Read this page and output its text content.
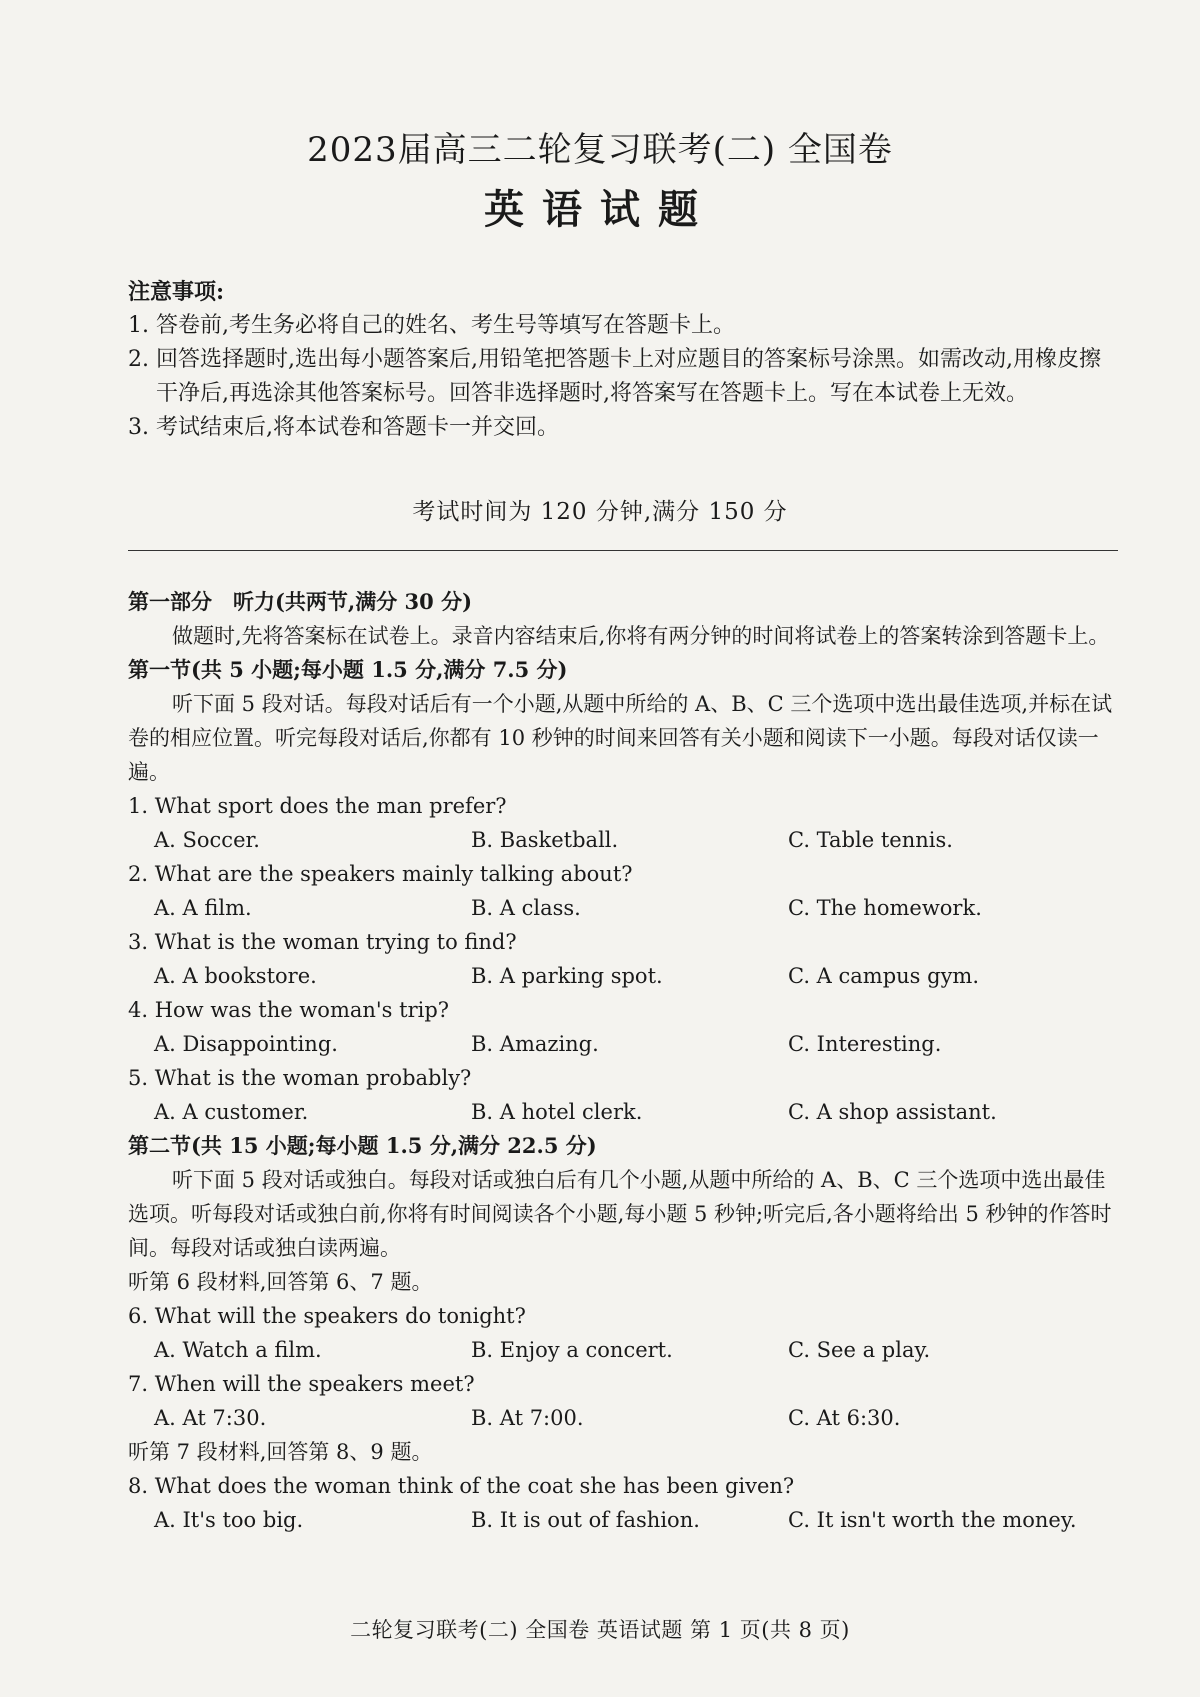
2023届高三二轮复习联考(二) 全国卷
英语试题
注意事项:
1. 答卷前,考生务必将自己的姓名、考生号等填写在答题卡上。
2. 回答选择题时,选出每小题答案后,用铅笔把答题卡上对应题目的答案标号涂黑。如需改动,用橡皮擦干净后,再选涂其他答案标号。回答非选择题时,将答案写在答题卡上。写在本试卷上无效。
3. 考试结束后,将本试卷和答题卡一并交回。
考试时间为 120 分钟,满分 150 分
第一部分　听力(共两节,满分 30 分)
做题时,先将答案标在试卷上。录音内容结束后,你将有两分钟的时间将试卷上的答案转涂到答题卡上。
第一节(共 5 小题;每小题 1.5 分,满分 7.5 分)
听下面 5 段对话。每段对话后有一个小题,从题中所给的 A、B、C 三个选项中选出最佳选项,并标在试卷的相应位置。听完每段对话后,你都有 10 秒钟的时间来回答有关小题和阅读下一小题。每段对话仅读一遍。
1. What sport does the man prefer?
A. Soccer.	B. Basketball.	C. Table tennis.
2. What are the speakers mainly talking about?
A. A film.	B. A class.	C. The homework.
3. What is the woman trying to find?
A. A bookstore.	B. A parking spot.	C. A campus gym.
4. How was the woman's trip?
A. Disappointing.	B. Amazing.	C. Interesting.
5. What is the woman probably?
A. A customer.	B. A hotel clerk.	C. A shop assistant.
第二节(共 15 小题;每小题 1.5 分,满分 22.5 分)
听下面 5 段对话或独白。每段对话或独白后有几个小题,从题中所给的 A、B、C 三个选项中选出最佳选项。听每段对话或独白前,你将有时间阅读各个小题,每小题 5 秒钟;听完后,各小题将给出 5 秒钟的作答时间。每段对话或独白读两遍。
听第 6 段材料,回答第 6、7 题。
6. What will the speakers do tonight?
A. Watch a film.	B. Enjoy a concert.	C. See a play.
7. When will the speakers meet?
A. At 7:30.	B. At 7:00.	C. At 6:30.
听第 7 段材料,回答第 8、9 题。
8. What does the woman think of the coat she has been given?
A. It's too big.	B. It is out of fashion.	C. It isn't worth the money.
二轮复习联考(二) 全国卷 英语试题 第 1 页(共 8 页)
